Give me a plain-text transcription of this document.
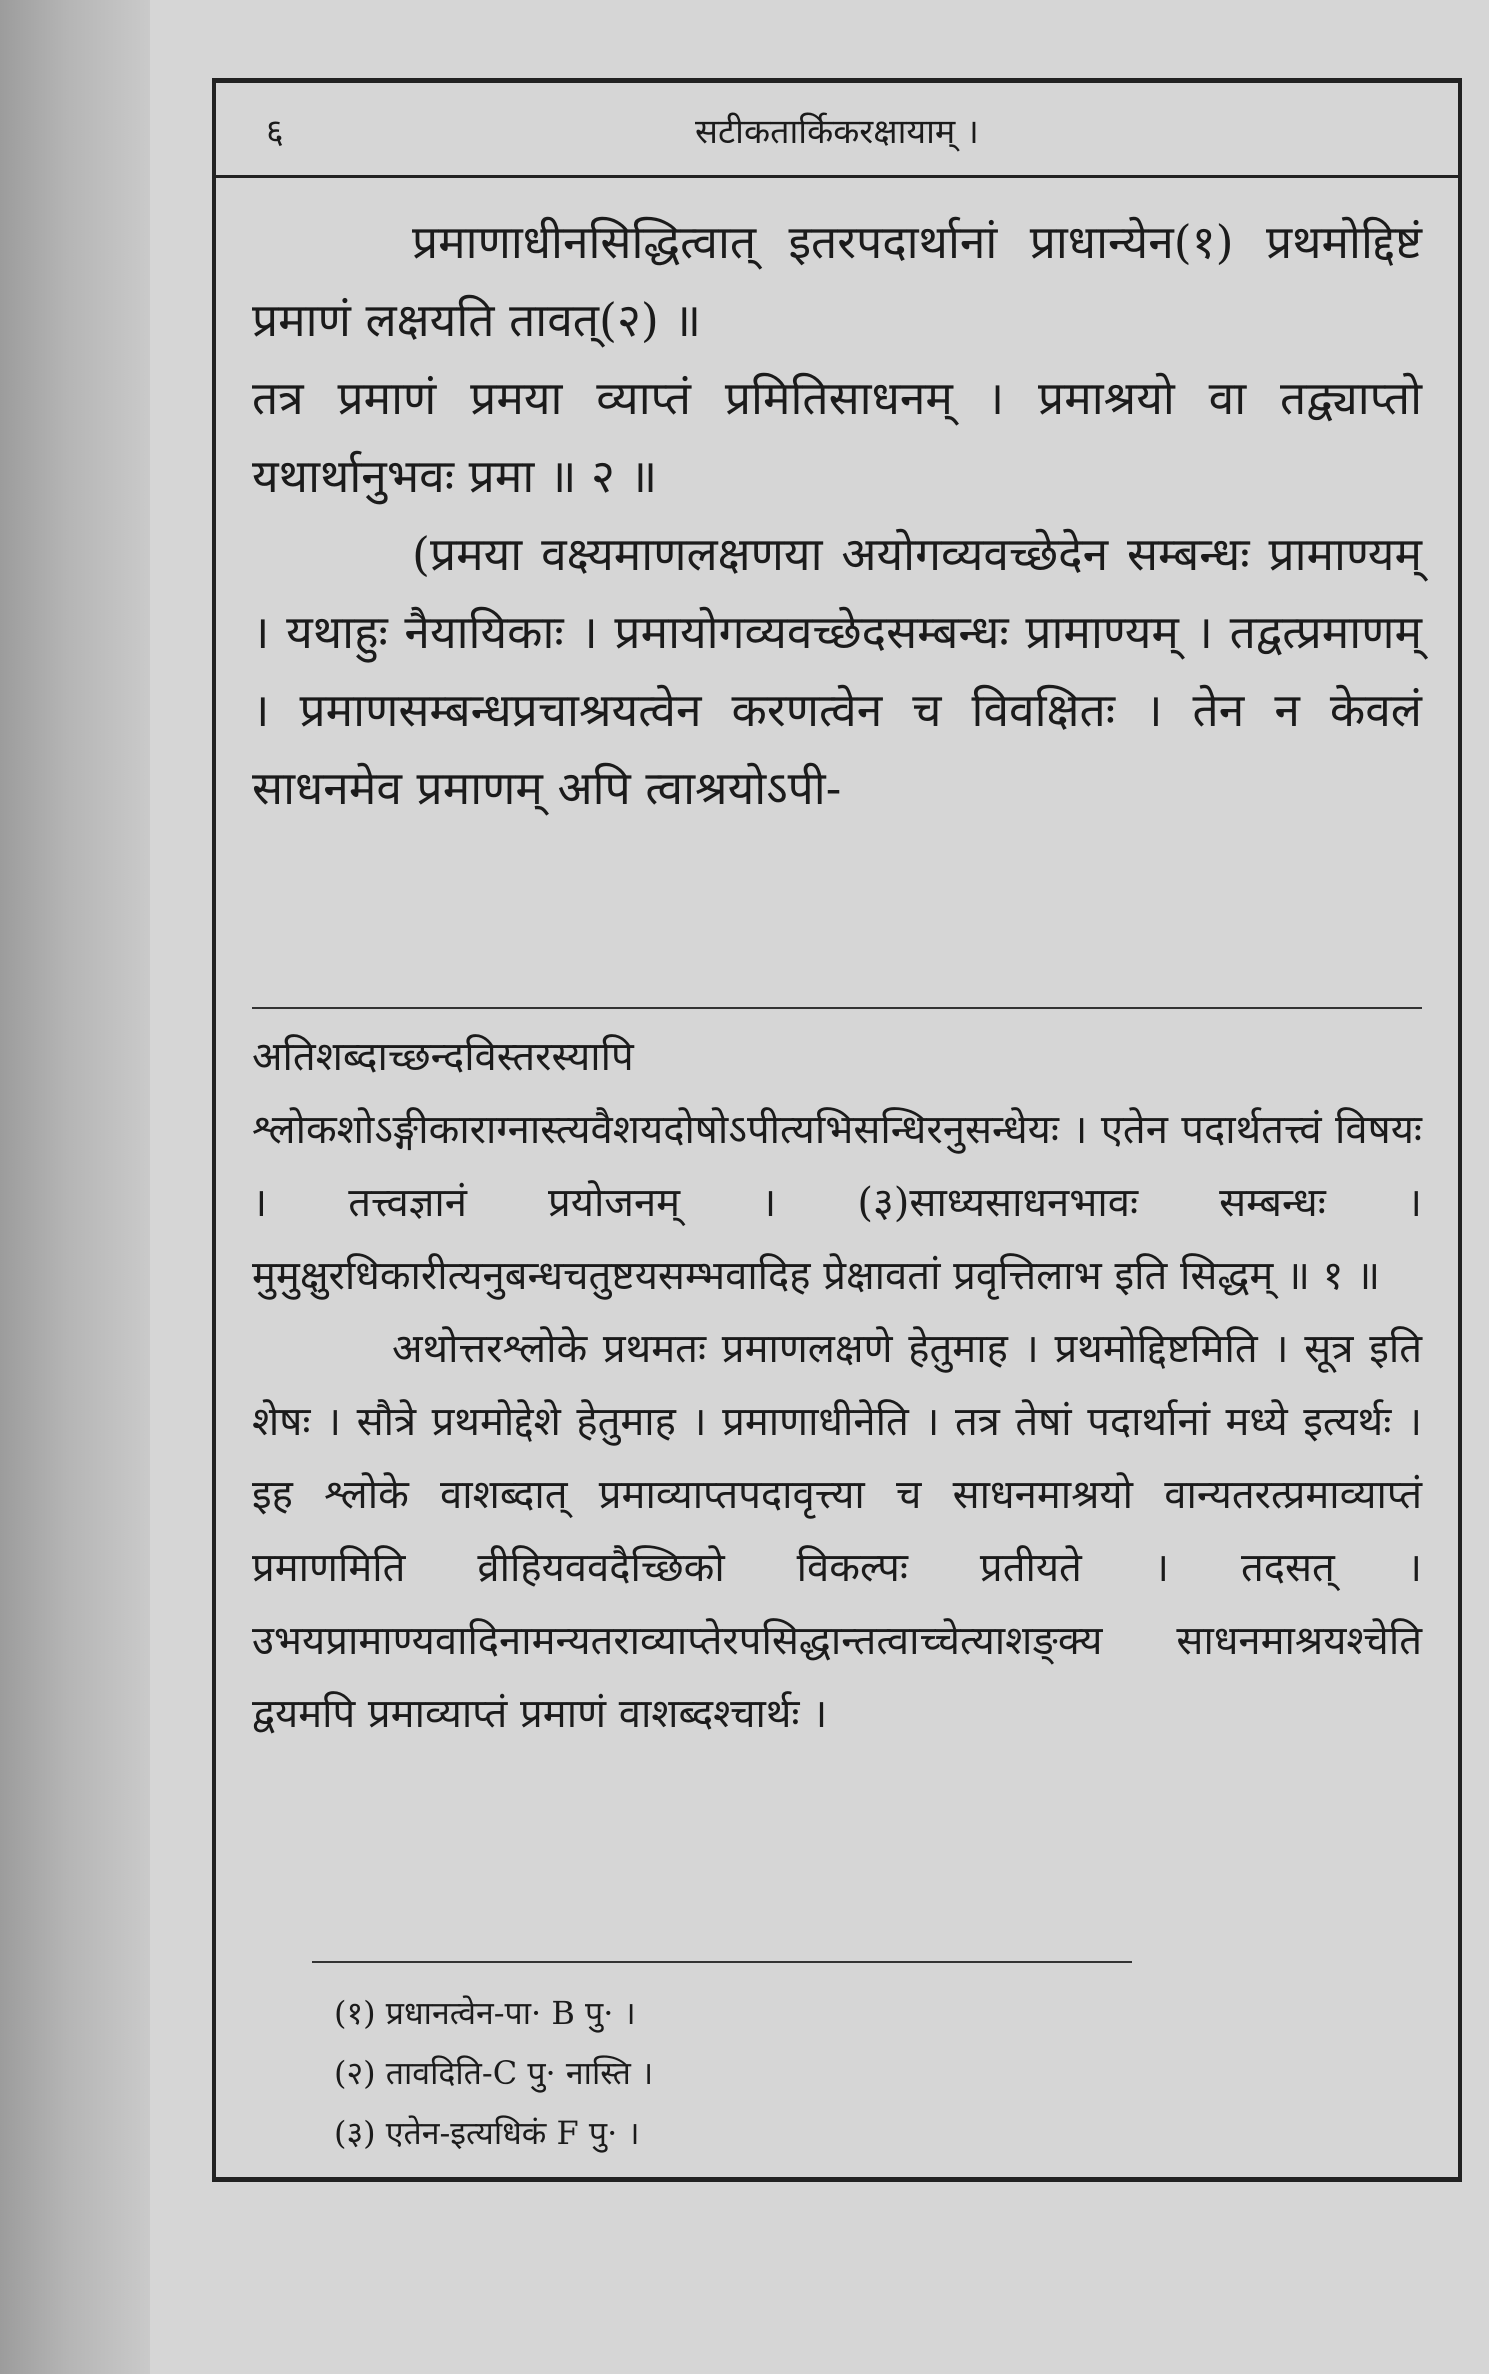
६	सटीकतार्किकरक्षायाम् ।

प्रमाणाधीनसिद्धित्वात् इतरपदार्थानां प्राधान्येन(१) प्रथमोद्दिष्टं प्रमाणं लक्षयति तावत्(२) ॥

तत्र प्रमाणं प्रमया व्याप्तं प्रमितिसाधनम् । प्रमाश्रयो वा तद्व्याप्तो यथार्थानुभवः प्रमा ॥ २ ॥

(प्रमया वक्ष्यमाणलक्षणया अयोगव्यवच्छेदेन सम्बन्धः प्रामाण्यम् । यथाहुः नैयायिकाः । प्रमायोगव्यवच्छेदसम्बन्धः प्रामाण्यम् । तद्वत्प्रमाणम् । प्रमाणसम्बन्धप्रचाश्रयत्वेन करणत्वेन च विवक्षितः । तेन न केवलं साधनमेव प्रमाणम् अपि त्वाश्रयोऽपी-

अतिशब्दाच्छन्दविस्तरस्यापि श्लोकशोऽङ्गीकाराग्नास्त्यवैशयदोषोऽपीत्यभिसन्धिरनुसन्धेयः । एतेन पदार्थतत्त्वं विषयः । तत्त्वज्ञानं प्रयोजनम् । (३)साध्यसाधनभावः सम्बन्धः । मुमुक्षुरधिकारीत्यनुबन्धचतुष्टयसम्भवादिह प्रेक्षावतां प्रवृत्तिलाभ इति सिद्धम् ॥ १ ॥

अथोत्तरश्लोके प्रथमतः प्रमाणलक्षणे हेतुमाह । प्रथमोद्दिष्टमिति । सूत्र इति शेषः । सौत्रे प्रथमोद्देशे हेतुमाह । प्रमाणाधीनेति । तत्र तेषां पदार्थानां मध्ये इत्यर्थः । इह श्लोके वाशब्दात् प्रमाव्याप्तपदावृत्त्या च साधनमाश्रयो वान्यतरत्प्रमाव्याप्तं प्रमाणमिति व्रीहियववदैच्छिको विकल्पः प्रतीयते । तदसत् । उभयप्रामाण्यवादिनामन्यतराव्याप्तेरपसिद्धान्तत्वाच्चेत्याशङ्क्य साधनमाश्रयश्चेति द्वयमपि प्रमाव्याप्तं प्रमाणं वाशब्दश्चार्थः ।

(१) प्रधानत्वेन-पा· B पु· ।
(२) तावदिति-C पु· नास्ति ।
(३) एतेन-इत्यधिकं F पु· ।
